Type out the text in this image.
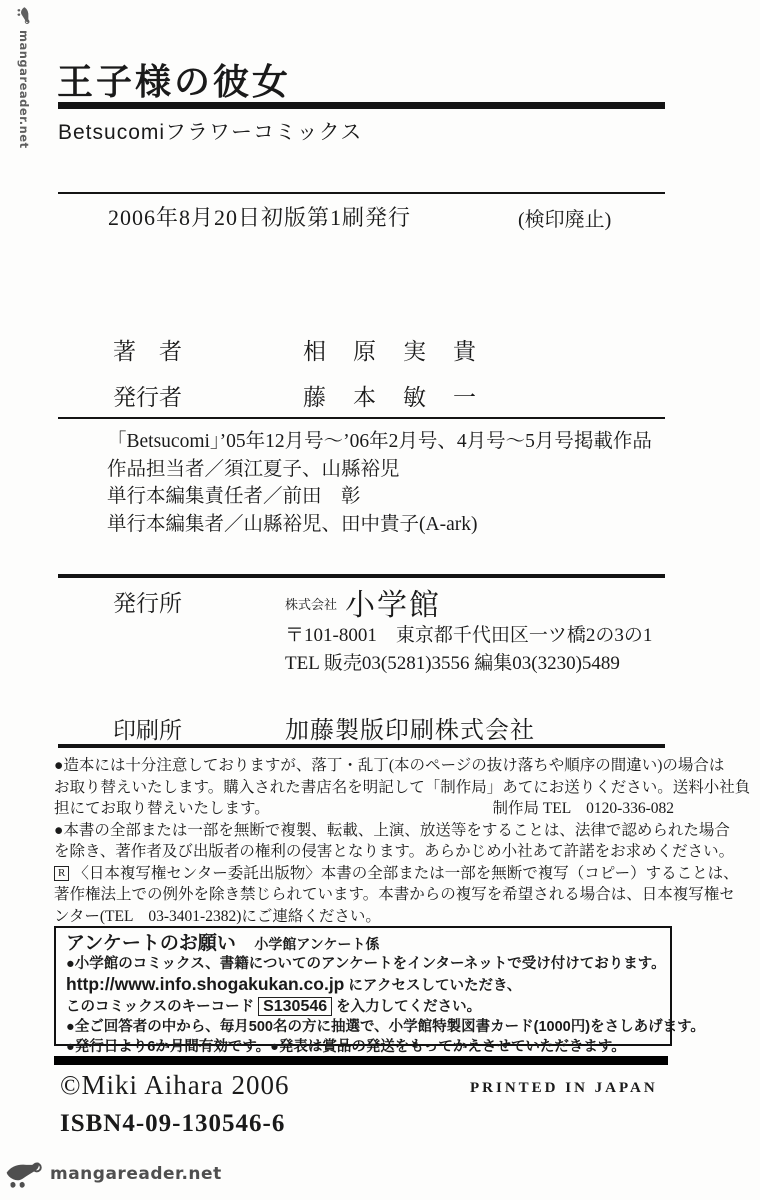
mangareader.net 王子様の彼女
Betsucomiフラワーコミックス
2006年8月20日初版第1刷発行	(検印廃止)
著　者	相　原　実　貴
発行者	藤　本　敏　一
「Betsucomi」’05年12月号～’06年2月号、4月号～5月号掲載作品
作品担当者／須江夏子、山縣裕児
単行本編集責任者／前田　彰
単行本編集者／山縣裕児、田中貴子(A-ark)
発行所	$^{株式会社}$ 小学館
〒101-8001　東京都千代田区一ツ橋2の3の1
TEL 販売03(5281)3556 編集03(3230)5489
印刷所	加藤製版印刷株式会社
●造本には十分注意しておりますが、落丁・乱丁(本のページの抜け落ちや順序の間違い)の場合は
お取り替えいたします。購入された書店名を明記して「制作局」あてにお送りください。送料小社負
担にてお取り替えいたします。	制作局 TEL　0120-336-082
●本書の全部または一部を無断で複製、転載、上演、放送等をすることは、法律で認められた場合
を除き、著作者及び出版者の権利の侵害となります。あらかじめ小社あて許諾をお求めください。
R 〈日本複写権センター委託出版物〉本書の全部または一部を無断で複写（コピー）することは、
著作権法上での例外を除き禁じられています。本書からの複写を希望される場合は、日本複写権セ
ンター(TEL　03-3401-2382)にご連絡ください。
アンケートのお願い 小学館アンケート係
●小学館のコミックス、書籍についてのアンケートをインターネットで受け付けております。
http://www.info.shogakukan.co.jp にアクセスしていただき、
このコミックスのキーコード S130546 を入力してください。
●全ご回答者の中から、毎月500名の方に抽選で、小学館特製図書カード(1000円)をさしあげます。
●発行日より6か月間有効です。●発表は賞品の発送をもってかえさせていただきます。
©Miki Aihara 2006	PRINTED IN JAPAN
ISBN4-09-130546-6
mangareader.net
